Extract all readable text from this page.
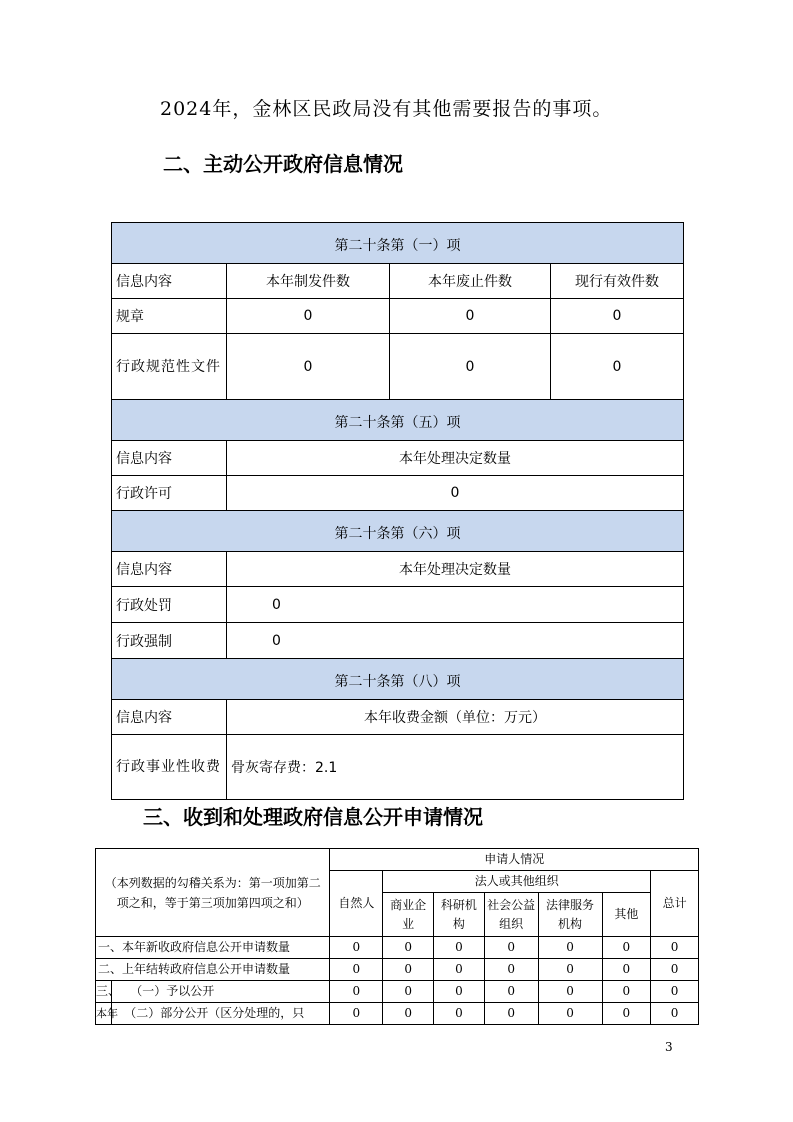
2024年，金林区民政局没有其他需要报告的事项。
二、主动公开政府信息情况
第二十条第（一）项			
信息内容	本年制发件数	本年废止件数	现行有效件数
规章	0	0	0
行政规范性文件	0	0	0
第二十条第（五）项			
信息内容	本年处理决定数量		
行政许可	0		
第二十条第（六）项			
信息内容	本年处理决定数量		
行政处罚	0		
行政强制	0		
第二十条第（八）项			
信息内容	本年收费金额（单位：万元）		
行政事业性收费	骨灰寄存费：2.1		
三、收到和处理政府信息公开申请情况
（本列数据的勾稽关系为：第一项加第二项之和，等于第三项加第四项之和）		申请人情况						
		自然人	法人或其他组织					总计
			商业企业	科研机构	社会公益组织	法律服务机构	其他	
一、本年新收政府信息公开申请数量		0	0	0	0	0	0	0
二、上年结转政府信息公开申请数量		0	0	0	0	0	0	0
三、	（一）予以公开	0	0	0	0	0	0	0
本年	（二）部分公开（区分处理的，只	0	0	0	0	0	0	0
3
